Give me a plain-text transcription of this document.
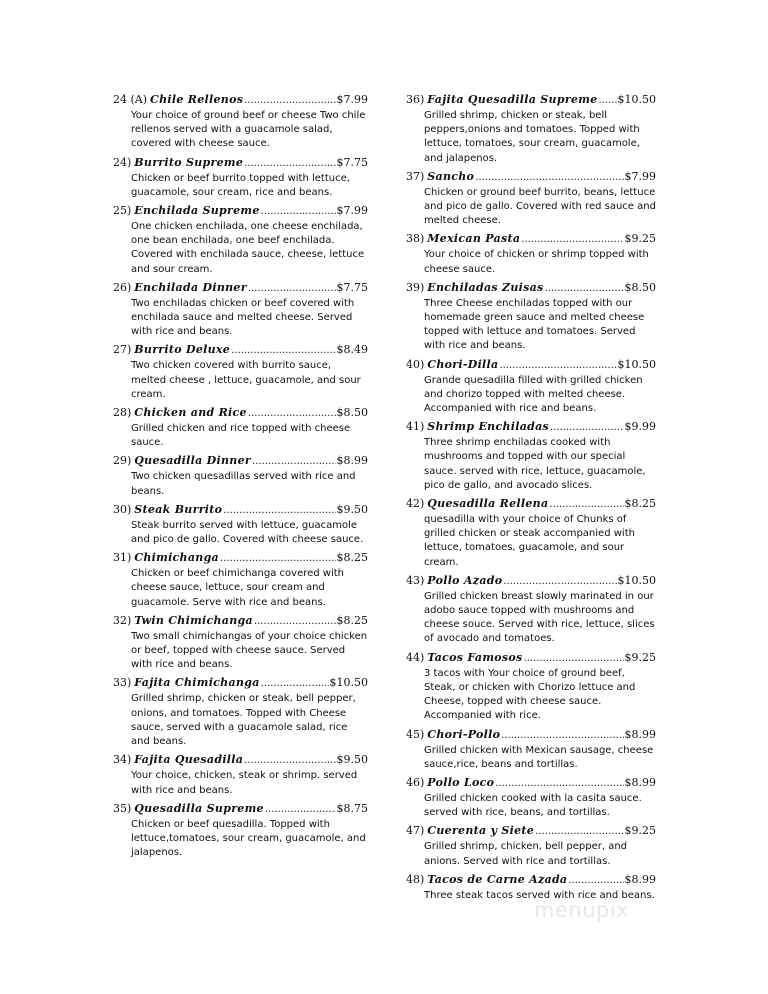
24 (A) Chile Rellenos .....	$7.99
Your choice of ground beef or cheese Two chile rellenos served with a guacamole salad, covered with cheese sauce.
24) Burrito Supreme .....	$7.75
Chicken or beef burrito topped with lettuce, guacamole, sour cream, rice and beans.
25) Enchilada Supreme .....	$7.99
One chicken enchilada, one cheese enchilada, one bean enchilada, one beef enchilada. Covered with enchilada sauce, cheese, lettuce and sour cream.
26) Enchilada Dinner .....	$7.75
Two enchiladas chicken or beef covered with enchilada sauce and melted cheese. Served with rice and beans.
27) Burrito Deluxe .....	$8.49
Two chicken covered with burrito sauce, melted cheese , lettuce, guacamole, and sour cream.
28) Chicken and Rice .....	$8.50
Grilled chicken and rice topped with cheese sauce.
29) Quesadilla Dinner .....	$8.99
Two chicken quesadillas served with rice and beans.
30) Steak Burrito .....	$9.50
Steak burrito served with lettuce, guacamole and pico de gallo. Covered with cheese sauce.
31) Chimichanga .....	$8.25
Chicken or beef chimichanga covered with cheese sauce, lettuce, sour cream and guacamole. Serve with rice and beans.
32) Twin Chimichanga .....	$8.25
Two small chimichangas of your choice chicken or beef, topped with cheese sauce. Served with rice and beans.
33) Fajita Chimichanga .....	$10.50
Grilled shrimp, chicken or steak, bell pepper, onions, and tomatoes. Topped with Cheese sauce, served with a guacamole salad, rice and beans.
34) Fajita Quesadilla .....	$9.50
Your choice, chicken, steak or shrimp. served with rice and beans.
35) Quesadilla Supreme .....	$8.75
Chicken or beef quesadilla. Topped with lettuce,tomatoes, sour cream, guacamole, and jalapenos.
36) Fajita Quesadilla Supreme ..... $10.50
Grilled shrimp, chicken or steak, bell peppers,onions and tomatoes. Topped with lettuce, tomatoes, sour cream, guacamole, and jalapenos.
37) Sancho .....	$7.99
Chicken or ground beef burrito, beans, lettuce and pico de gallo. Covered with red sauce and melted cheese.
38) Mexican Pasta .....	$9.25
Your choice of chicken or shrimp topped with cheese sauce.
39) Enchiladas Zuisas .....	$8.50
Three Cheese enchiladas topped with our homemade green sauce and melted cheese topped with lettuce and tomatoes. Served with rice and beans.
40) Chori-Dilla .....	$10.50
Grande quesadilla filled with grilled chicken and chorizo topped with melted cheese. Accompanied with rice and beans.
41) Shrimp Enchiladas .....	$9.99
Three shrimp enchiladas cooked with mushrooms and topped with our special sauce. served with rice, lettuce, guacamole, pico de gallo, and avocado slices.
42) Quesadilla Rellena .....	$8.25
quesadilla with your choice of Chunks of grilled chicken or steak accompanied with lettuce, tomatoes, guacamole, and sour cream.
43) Pollo Azado .....	$10.50
Grilled chicken breast slowly marinated in our adobo sauce topped with mushrooms and cheese souce. Served with rice, lettuce, slices of avocado and tomatoes.
44) Tacos Famosos .....	$9.25
3 tacos with Your choice of ground beef, Steak, or chicken with Chorizo lettuce and Cheese, topped with cheese sauce. Accompanied with rice.
45) Chori-Pollo .....	$8.99
Grilled chicken with Mexican sausage, cheese sauce,rice, beans and tortillas.
46) Pollo Loco .....	$8.99
Grilled chicken cooked with la casita sauce. served with rice, beans, and tortillas.
47) Cuerenta y Siete .....	$9.25
Grilled shrimp, chicken, bell pepper, and anions. Served with rice and tortillas.
48) Tacos de Carne Azada .....	$8.99
Three steak tacos served with rice and beans.
menupix
